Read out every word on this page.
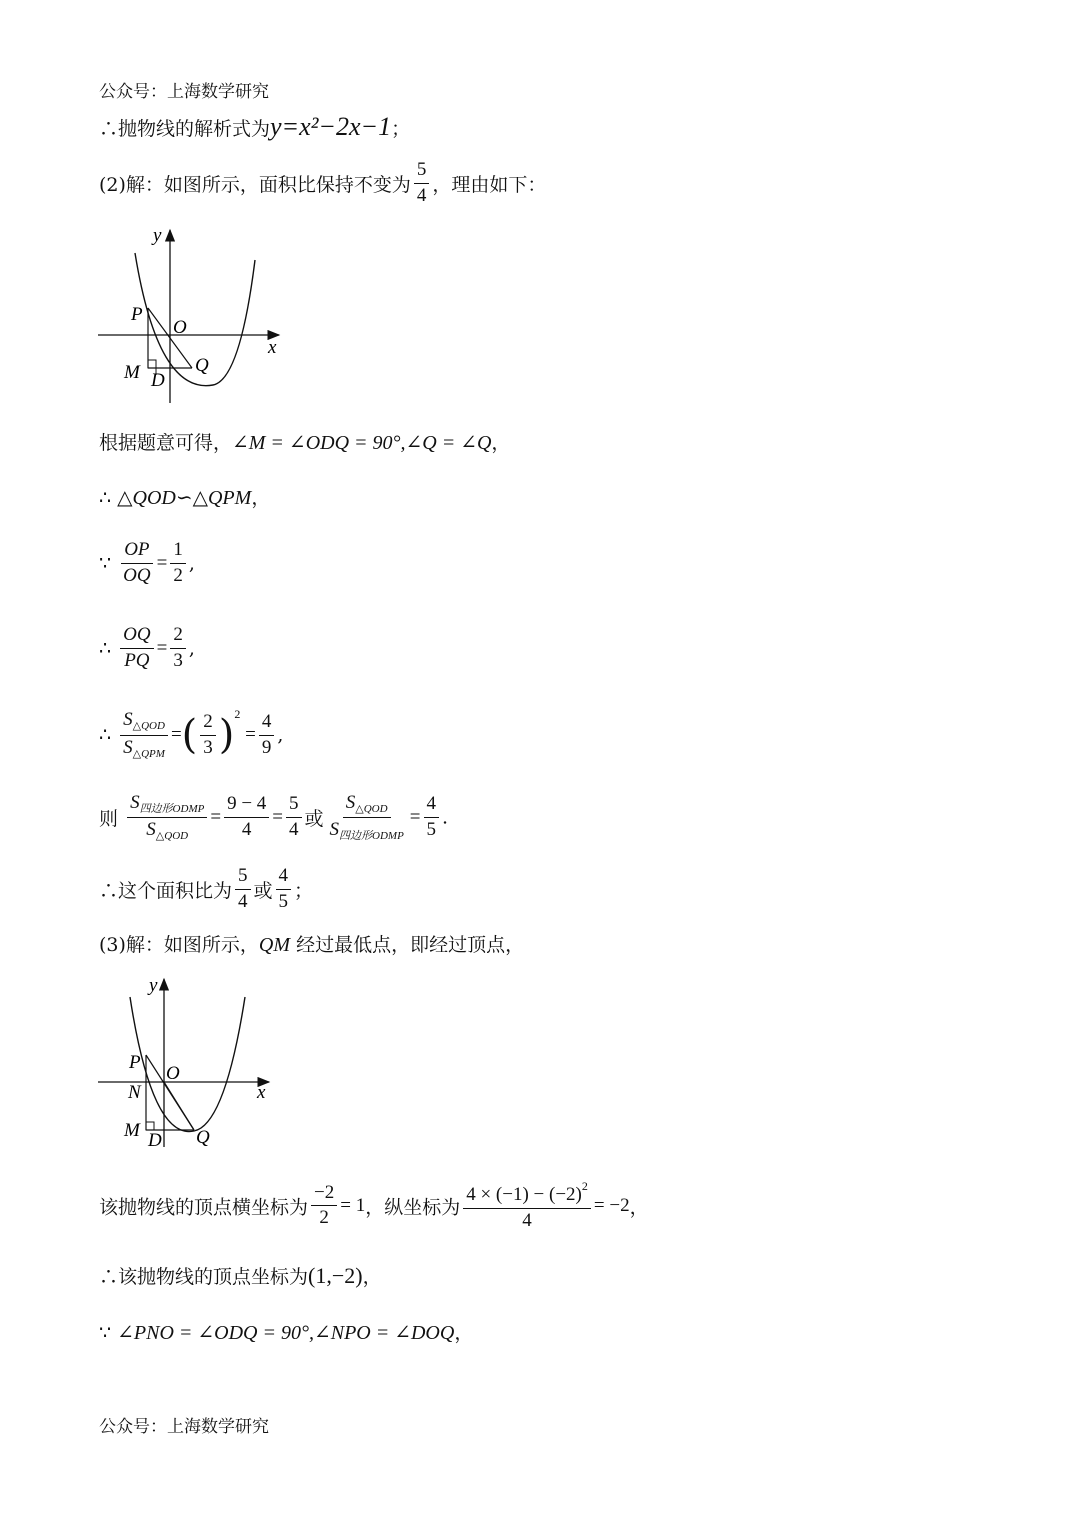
公众号：上海数学研究
∴抛物线的解析式为y=x²−2x−1；
(2)解：如图所示，面积比保持不变为 $\frac{5}{4}$ ，理由如下：
y
x
P
O
M D
Q
根据题意可得，∠M = ∠ODQ = 90°,∠Q = ∠Q，
∴ △QOD∽△QPM，
∵ $\frac{OP}{OQ} = \frac{1}{2}$ ,
∴ $\frac{OQ}{PQ} = \frac{2}{3}$ ,
∴ $\frac{S_{\triangle QOD}}{S_{\triangle QPM}}$ =( $\frac{2}{3} )^2 = \frac{4}{9}$ ,
则 $\frac{S_{四边形ODMP}}{S_{\triangle QOD}} = \frac{9 - 4}{4} = \frac{5}{4}$ 或 $\frac{S_{\triangle QOD}}{S_{四边形ODMP}} = \frac{4}{5}$ .
∴这个面积比为 $\frac{5}{4}$ 或 $\frac{4}{5}$ ；
(3)解：如图所示，QM 经过最低点，即经过顶点，
y
x
P
O
N
M D Q
该抛物线的顶点横坐标为 $\frac{-2}{2} = 1$，纵坐标为 $\frac{4 \times (-1) - (-2)^2}{4} = -2$，
∴该抛物线的顶点坐标为(1,−2)，
∵ ∠PNO = ∠ODQ = 90°,∠NPO = ∠DOQ，
公众号：上海数学研究
